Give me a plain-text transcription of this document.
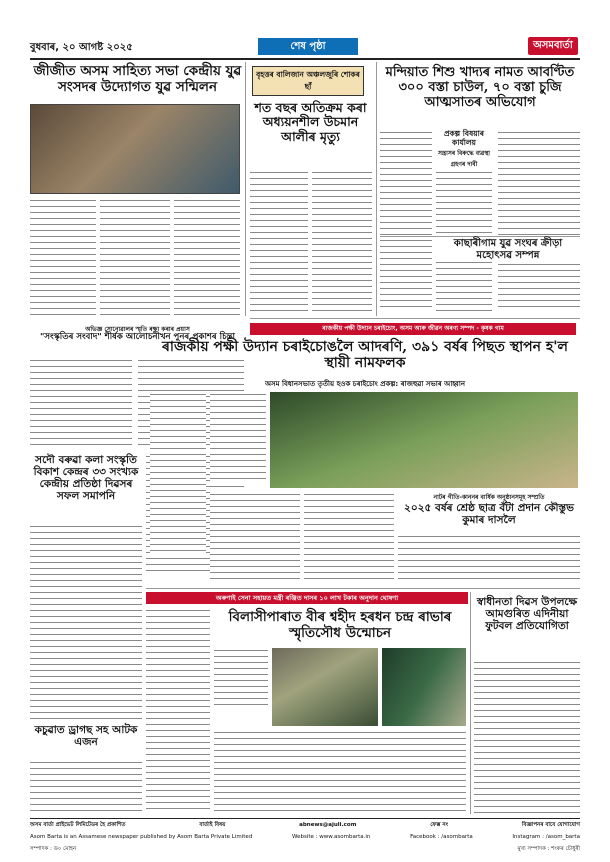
বুধবাৰ, ২০ আগষ্ট ২০২৫	শেষ পৃষ্ঠা	অসমবাৰ্তা
জীজীত অসম সাহিত্য সভা কেন্দ্ৰীয় যুৱ সংসদৰ উদ্যোগত যুৱ সন্মিলন
অভিজ্ঞ সোনোৱালৰ স্মৃতি ৰক্ষা কৰাৰ প্ৰয়াস
"সংস্কৃতিৰ সংবাদ" শীৰ্ষক আলোচনীখন পুনৰ প্ৰকাশৰ চিন্তা
সদৌ বৰুৱা কলা সংস্কৃতি বিকাশ কেন্দ্ৰৰ ৩৩ সংখ্যক কেন্দ্ৰীয় প্ৰতিষ্ঠা দিৱসৰ সফল সমাপনি
কচুৱাত ড্ৰাগছ সহ আটক এজন
বৃহত্তৰ বালিজান অঞ্চলজুৰি শোকৰ ছাঁ
শত বছৰ অতিক্ৰম কৰা অধ্যয়নশীল উচমান আলীৰ মৃত্যু
মন্দিয়াত শিশু খাদ্যৰ নামত আবণ্টিত ৩০০ বস্তা চাউল, ৭০ বস্তা চুজি আত্মসাতৰ অভিযোগ
প্ৰকল্প বিষয়াৰ কাৰ্যালয়
সন্ত্ৰাসৰ বিৰুদ্ধে ব্যৱস্থা গ্ৰহণৰ দাবী
ৰাজকীয় পক্ষী উদ্যান চৰাইচোং, অসম আৰু জীৱন অৰণ্য সম্পদ - কৃষক গাম
ৰাজকীয় পক্ষী উদ্যান চৰাইচোঙলৈ আদৰণি, ৩৯১ বৰ্ষৰ পিছত স্থাপন হ'ল স্থায়ী নামফলক
অসম বিধানসভাত তৃতীয় হওক চৰাইচোং প্ৰকল্প: ৰাজহুৱা সভাৰ আহ্বান
নাটৰ গীতি-কাননৰ বাৰ্ষিক অনুষ্ঠানসমূহ সম্প্ৰতি
২০২৫ বৰ্ষৰ শ্ৰেষ্ঠ ছাত্ৰ বঁটা প্ৰদান কৌস্তুভ কুমাৰ দাসলৈ
অৰুণাই সেনা সহায়ত মন্ত্ৰী ৰঞ্জিত দাসৰ ১০ লাখ টকাৰ অনুদান ঘোষণা
বিলাসীপাৰাত বীৰ শ্বহীদ হৰধন চন্দ্ৰ ৰাভাৰ স্মৃতিসৌধ উন্মোচন
স্বাধীনতা দিৱস উপলক্ষে আমগুৰিত এদিনীয়া ফুটবল প্ৰতিযোগিতা
অসম বাৰ্তা প্ৰাইভেট লিমিটেডৰ হৈ প্ৰকাশিত	বাৰ্তাই বিষয়	abnews@ajuli.com	ফেক্স নং	বিজ্ঞাপনৰ বাবে যোগাযোগ
Asom Barta is an Assamese newspaper published by Asom Barta Private Limited	Website : www.asombarta.in	Facebook : /asombarta	Instagram : /asom_barta
সম্পাদক : ড০ মোহন	মুখ্য সম্পাদক : শংকৰ চৌধুৰী
কাছাৰীগাম যুৱ সংঘৰ ক্ৰীড়া মহোৎসৱ সম্পন্ন
